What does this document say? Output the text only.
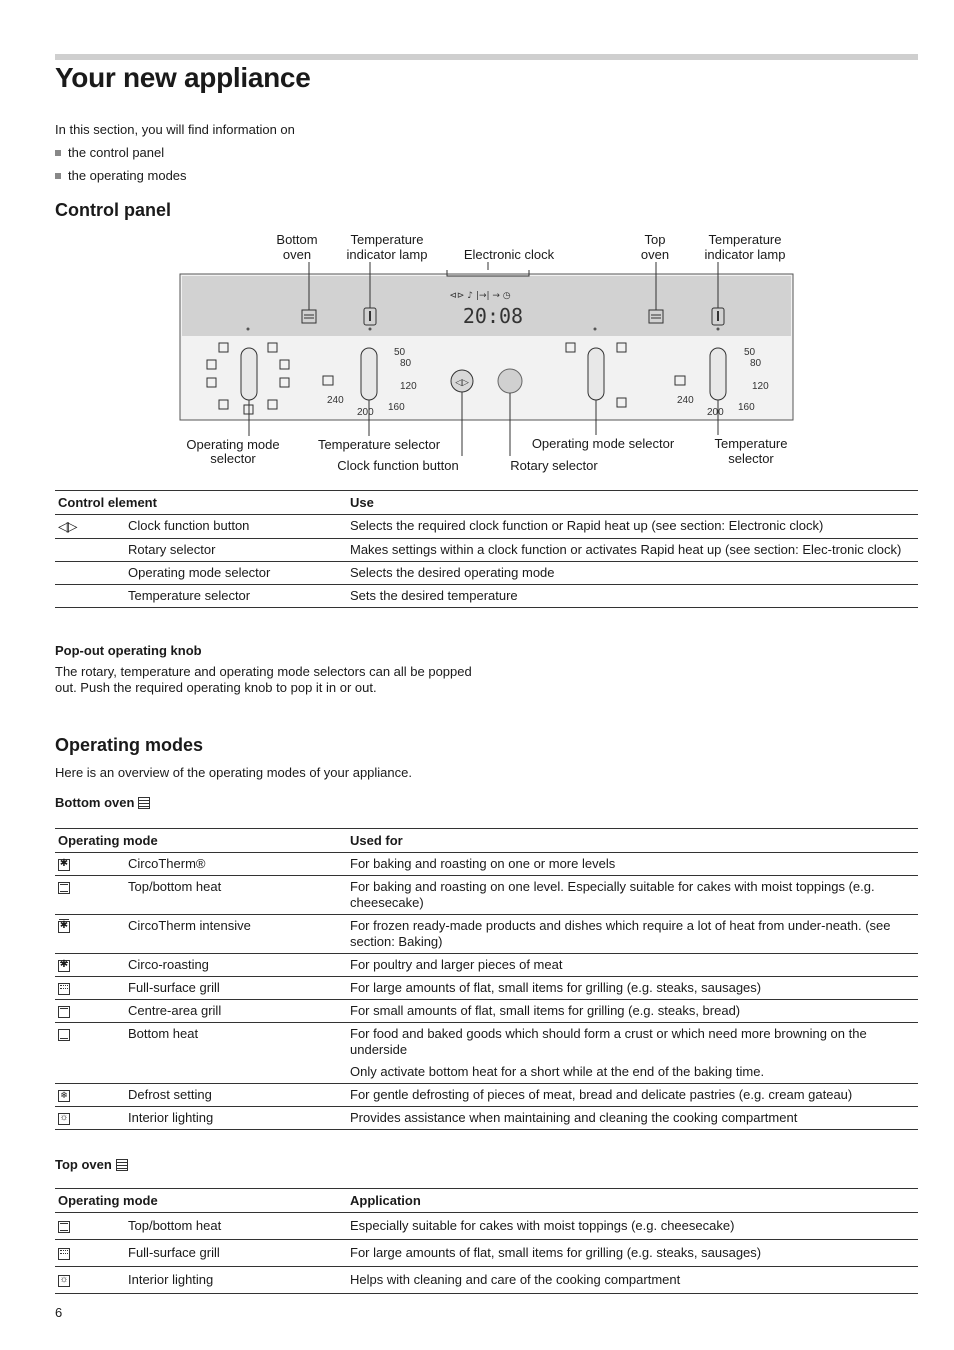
Your new appliance
In this section, you will find information on
the control panel
the operating modes
Control panel
Bottom
oven
Temperature
indicator lamp	Electronic clock
Top
oven
Temperature
indicator lamp
Operating mode
selector
Temperature selector
Clock function button
Operating mode selector
Rotary selector
Temperature
selector
⊲⊳ ♪ |→| → ◷
20:08
◁▷
50
80
120
160
200
240
50
80
120
160
200
240
Control element		Use
◁▷	Clock function button	Selects the required clock function or Rapid heat up (see section: Electronic clock)
	Rotary selector	Makes settings within a clock function or activates Rapid heat up (see section: Elec-tronic clock)
	Operating mode selector	Selects the desired operating mode
	Temperature selector	Sets the desired temperature
Pop-out operating knob
The rotary, temperature and operating mode selectors can all be popped out. Push the required operating knob to pop it in or out.
Operating modes
Here is an overview of the operating modes of your appliance.
Bottom oven
Operating mode		Used for
✱	CircoTherm®	For baking and roasting on one or more levels
	Top/bottom heat	For baking and roasting on one level. Especially suitable for cakes with moist toppings (e.g. cheesecake)
✱	CircoTherm intensive	For frozen ready-made products and dishes which require a lot of heat from under-neath. (see section: Baking)
✱	Circo-roasting	For poultry and larger pieces of meat
	Full-surface grill	For large amounts of flat, small items for grilling (e.g. steaks, sausages)
	Centre-area grill	For small amounts of flat, small items for grilling (e.g. steaks, bread)
	Bottom heat	For food and baked goods which should form a crust or which need more browning on the underside
Only activate bottom heat for a short while at the end of the baking time.

❄	Defrost setting	For gentle defrosting of pieces of meat, bread and delicate pastries (e.g. cream gateau)
☼	Interior lighting	Provides assistance when maintaining and cleaning the cooking compartment
Top oven
Operating mode		Application
	Top/bottom heat	Especially suitable for cakes with moist toppings (e.g. cheesecake)
	Full-surface grill	For large amounts of flat, small items for grilling (e.g. steaks, sausages)
☼	Interior lighting	Helps with cleaning and care of the cooking compartment
6
